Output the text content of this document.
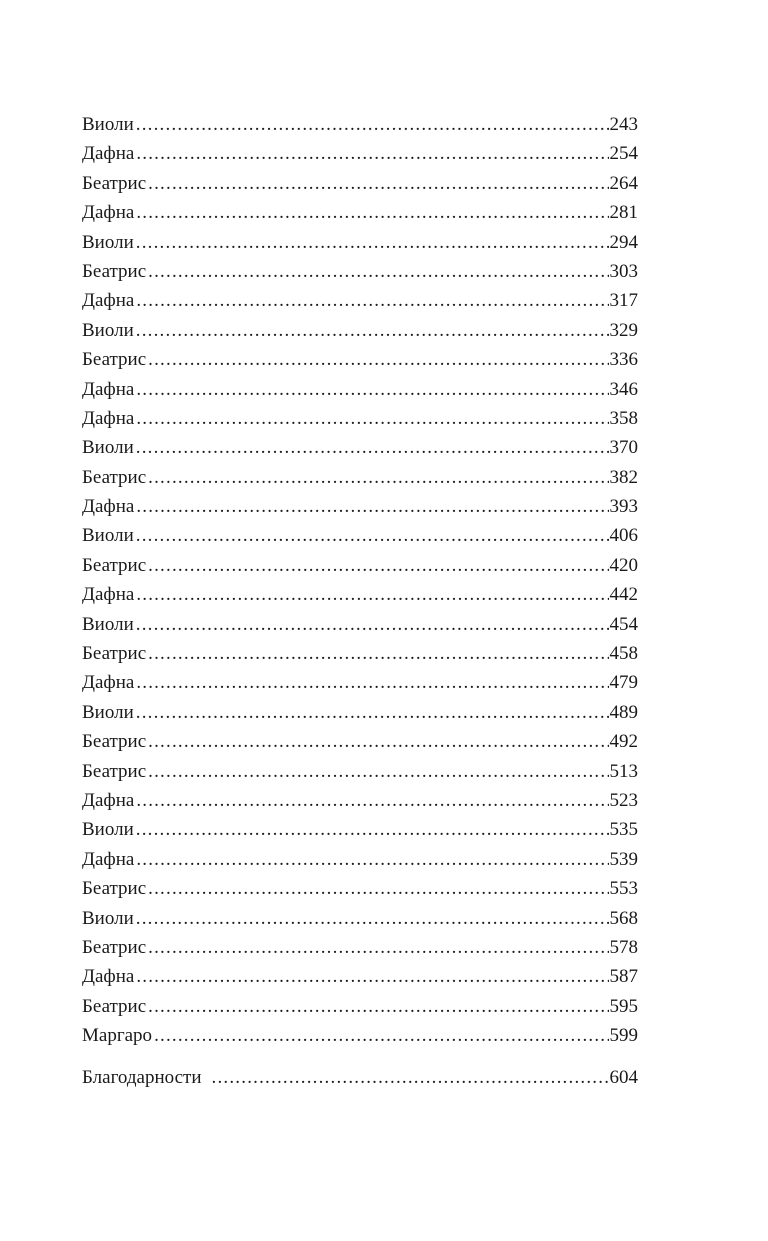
Виоли .....	243
Дафна .....	254
Беатрис .....	264
Дафна .....	281
Виоли .....	294
Беатрис .....	303
Дафна .....	317
Виоли .....	329
Беатрис .....	336
Дафна .....	346
Дафна .....	358
Виоли .....	370
Беатрис .....	382
Дафна .....	393
Виоли .....	406
Беатрис .....	420
Дафна .....	442
Виоли .....	454
Беатрис .....	458
Дафна .....	479
Виоли .....	489
Беатрис .....	492
Беатрис .....	513
Дафна .....	523
Виоли .....	535
Дафна .....	539
Беатрис .....	553
Виоли .....	568
Беатрис .....	578
Дафна .....	587
Беатрис .....	595
Маргаро .....	599
Благодарности .....	604
